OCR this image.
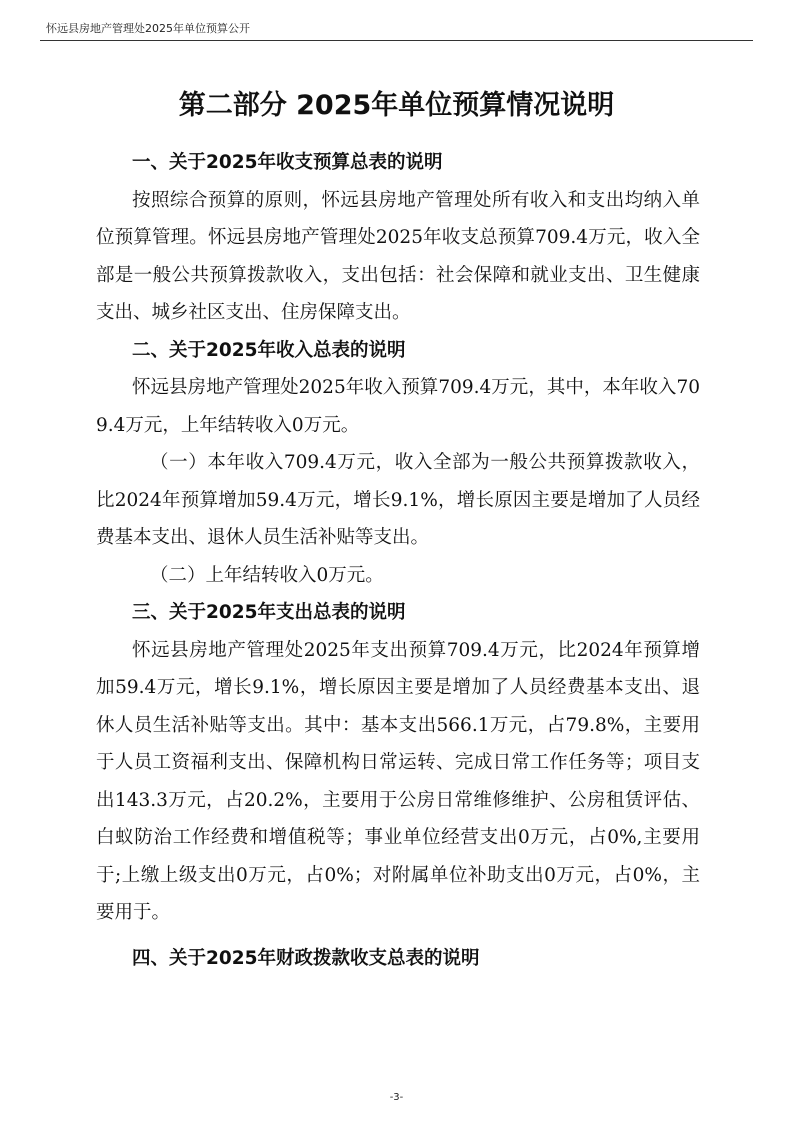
怀远县房地产管理处2025年单位预算公开
第二部分 2025年单位预算情况说明
一、关于2025年收支预算总表的说明

按照综合预算的原则，怀远县房地产管理处所有收入和支出均纳入单位预算管理。怀远县房地产管理处2025年收支总预算709.4万元，收入全部是一般公共预算拨款收入，支出包括：社会保障和就业支出、卫生健康支出、城乡社区支出、住房保障支出。

二、关于2025年收入总表的说明

怀远县房地产管理处2025年收入预算709.4万元，其中，本年收入709.4万元，上年结转收入0万元。

（一）本年收入709.4万元，收入全部为一般公共预算拨款收入，比2024年预算增加59.4万元，增长9.1%，增长原因主要是增加了人员经费基本支出、退休人员生活补贴等支出。

（二）上年结转收入0万元。

三、关于2025年支出总表的说明

怀远县房地产管理处2025年支出预算709.4万元，比2024年预算增加59.4万元，增长9.1%，增长原因主要是增加了人员经费基本支出、退休人员生活补贴等支出。其中：基本支出566.1万元，占79.8%，主要用于人员工资福利支出、保障机构日常运转、完成日常工作任务等；项目支出143.3万元，占20.2%，主要用于公房日常维修维护、公房租赁评估、白蚁防治工作经费和增值税等；事业单位经营支出0万元，占0%,主要用于;上缴上级支出0万元，占0%；对附属单位补助支出0万元，占0%，主要用于。

四、关于2025年财政拨款收支总表的说明
-3-
